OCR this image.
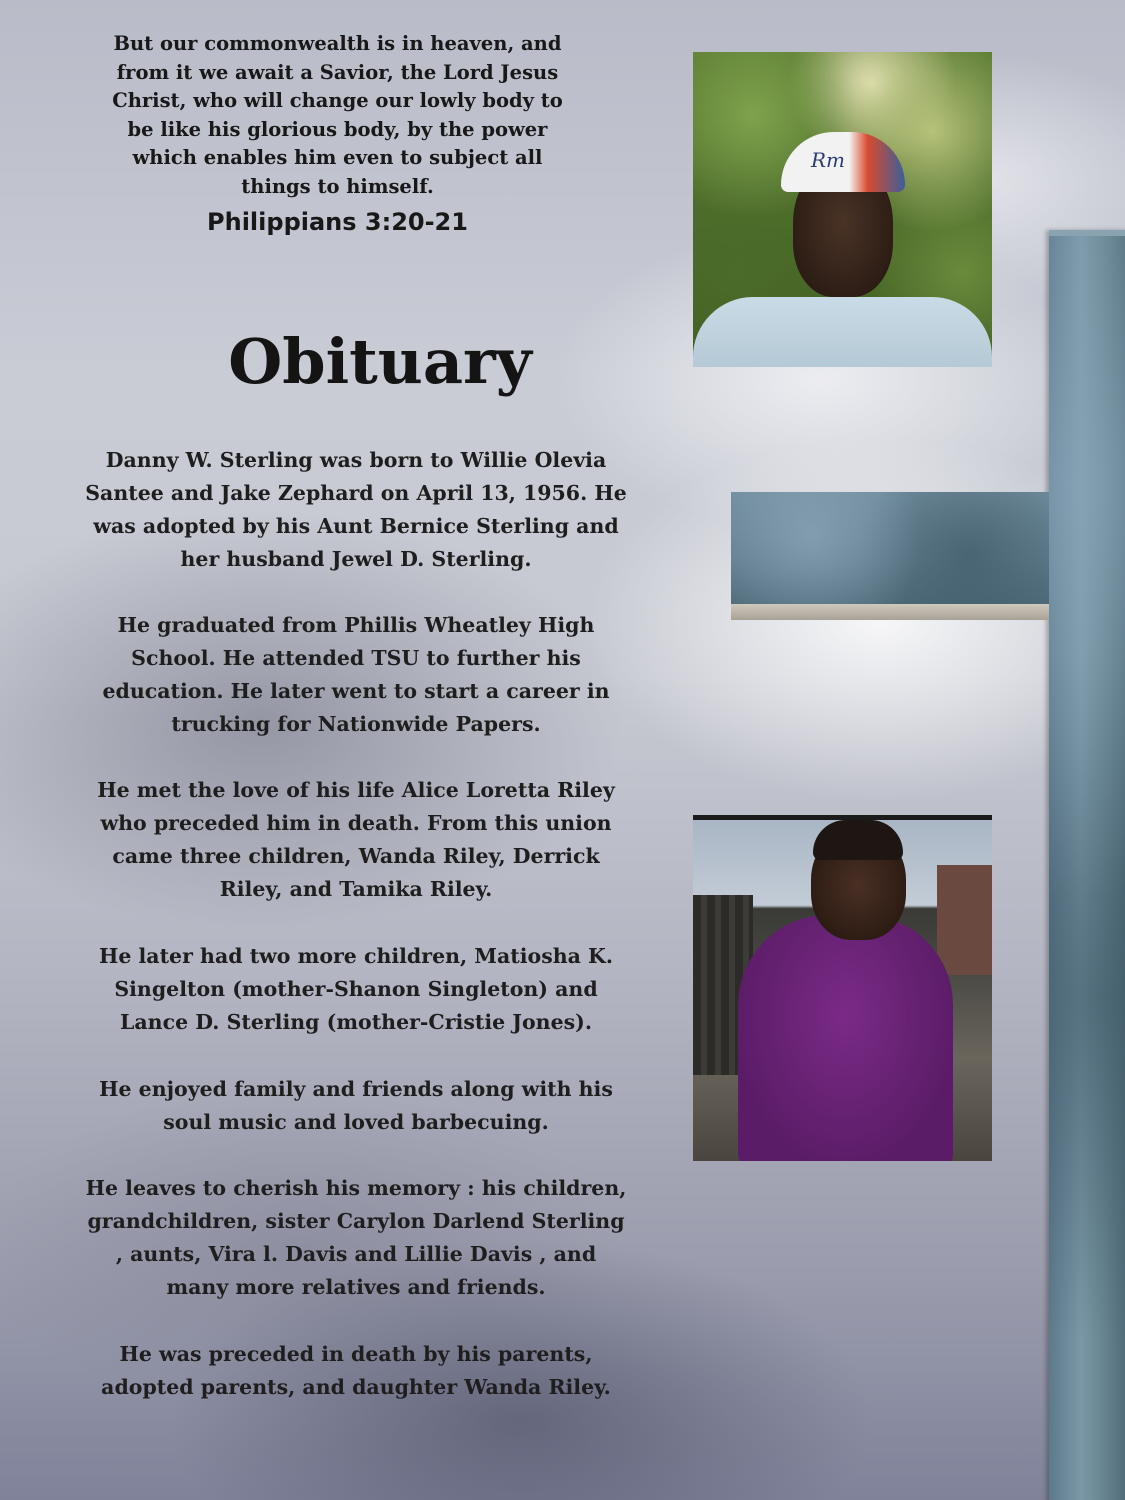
Rm
But our commonwealth is in heaven, and
from it we await a Savior, the Lord Jesus
Christ, who will change our lowly body to
be like his glorious body, by the power
which enables him even to subject all
things to himself.
Philippians 3:20-21
Obituary
Danny W. Sterling was born to Willie Olevia
Santee and Jake Zephard on April 13, 1956. He
was adopted by his Aunt Bernice Sterling and
her husband Jewel D. Sterling.
He graduated from Phillis Wheatley High
School. He attended TSU to further his
education. He later went to start a career in
trucking for Nationwide Papers.
He met the love of his life Alice Loretta Riley
who preceded him in death. From this union
came three children, Wanda Riley, Derrick
Riley, and Tamika Riley.
He later had two more children, Matiosha K.
Singelton (mother-Shanon Singleton) and
Lance D. Sterling (mother-Cristie Jones).
He enjoyed family and friends along with his
soul music and loved barbecuing.
He leaves to cherish his memory : his children,
grandchildren, sister Carylon Darlend Sterling
, aunts, Vira l. Davis and Lillie Davis , and
many more relatives and friends.
He was preceded in death by his parents,
adopted parents, and daughter Wanda Riley.
